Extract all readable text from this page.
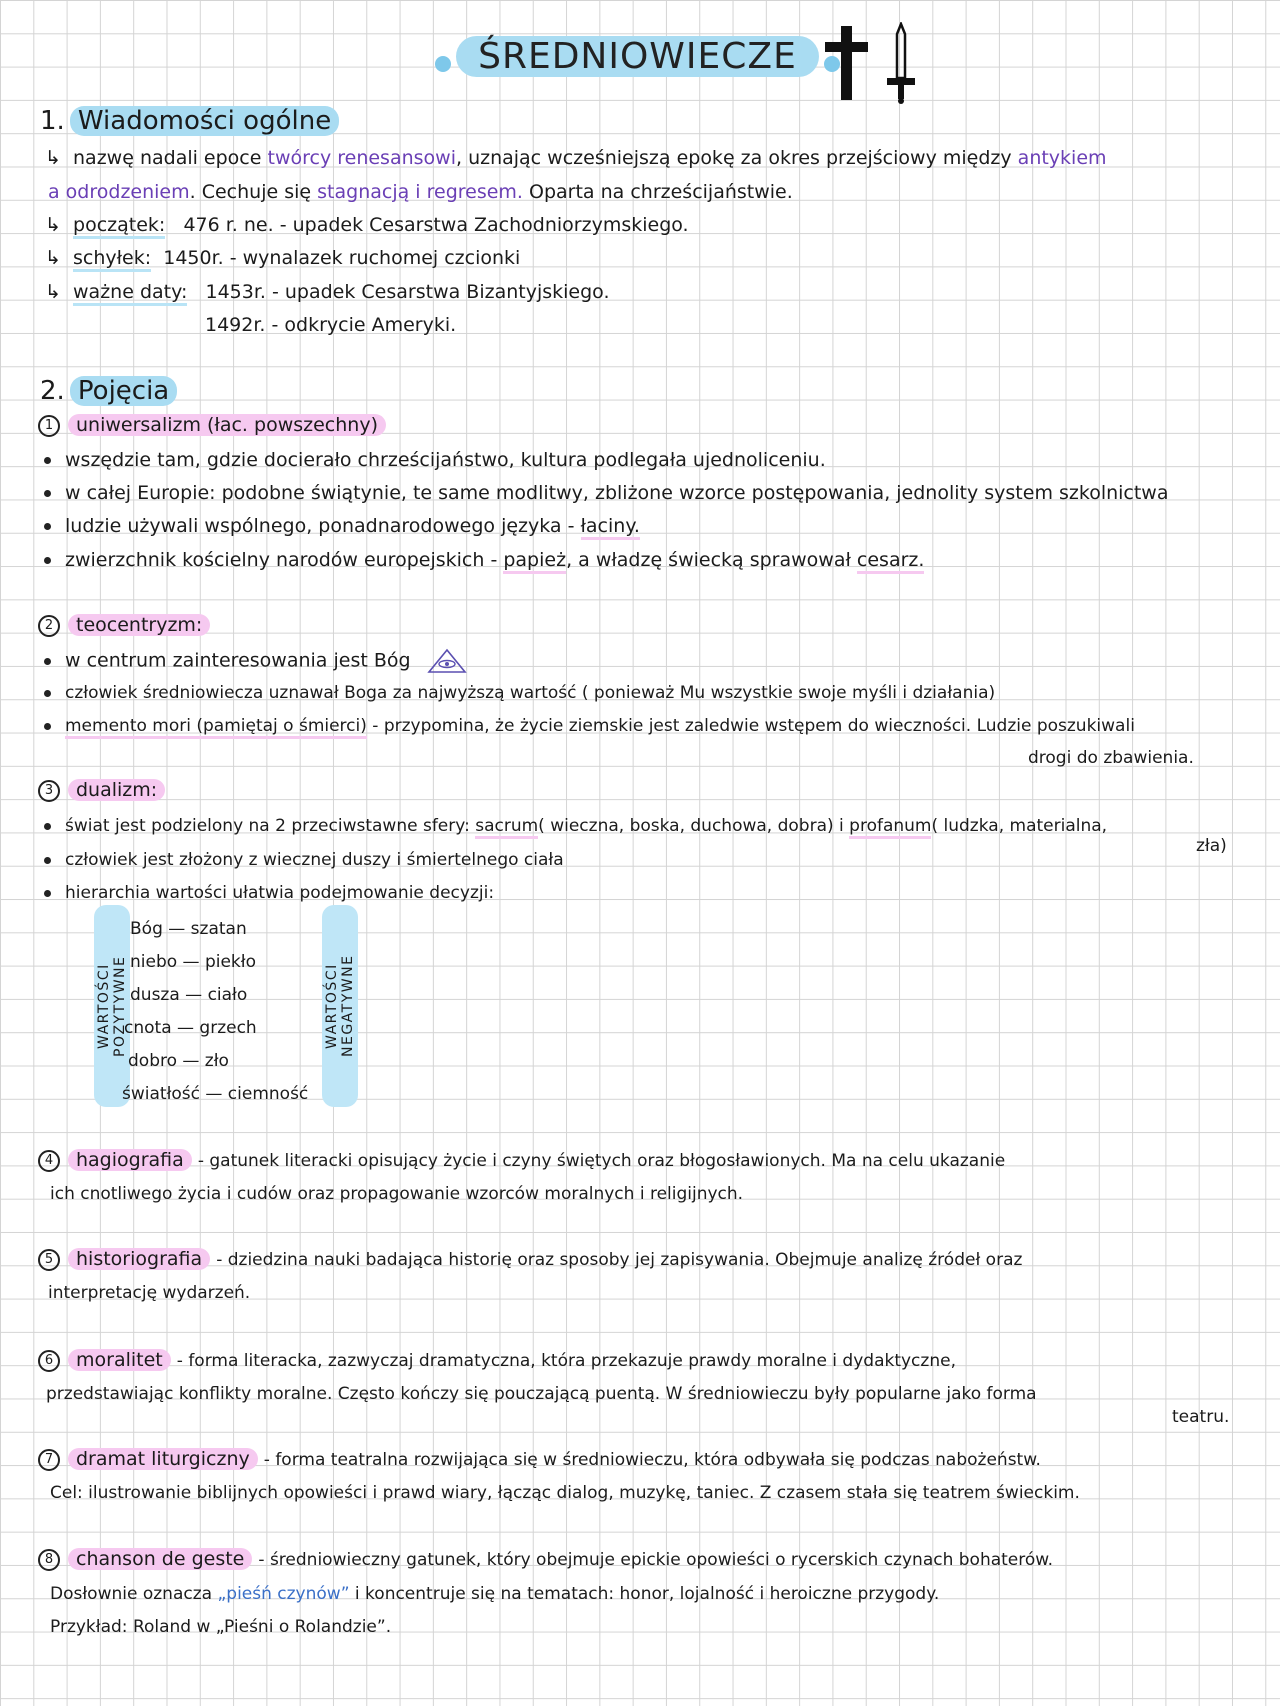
ŚREDNIOWIECZE
1. Wiadomości ogólne
↳  nazwę nadali epoce twórcy renesansowi, uznając wcześniejszą epokę za okres przejściowy między antykiem
a odrodzeniem. Cechuje się stagnacją i regresem. Oparta na chrześcijaństwie.
↳  początek: 476 r. ne. - upadek Cesarstwa Zachodniorzymskiego.
↳  schyłek: 1450r. - wynalazek ruchomej czcionki
↳  ważne daty: 1453r. - upadek Cesarstwa Bizantyjskiego.
1492r. - odkrycie Ameryki.
2. Pojęcia
1 uniwersalizm (łac. powszechny)
wszędzie tam, gdzie docierało chrześcijaństwo, kultura podlegała ujednoliceniu.
w całej Europie: podobne świątynie, te same modlitwy, zbliżone wzorce postępowania, jednolity system szkolnictwa
ludzie używali wspólnego, ponadnarodowego języka - łaciny.
zwierzchnik kościelny narodów europejskich - papież, a władzę świecką sprawował cesarz.
2 teocentryzm:
w centrum zainteresowania jest Bóg
człowiek średniowiecza uznawał Boga za najwyższą wartość ( ponieważ Mu wszystkie swoje myśli i działania)
memento mori (pamiętaj o śmierci) - przypomina, że życie ziemskie jest zaledwie wstępem do wieczności. Ludzie poszukiwali
drogi do zbawienia.
3 dualizm:
świat jest podzielony na 2 przeciwstawne sfery: sacrum( wieczna, boska, duchowa, dobra) i profanum( ludzka, materialna,
zła)
człowiek jest złożony z wiecznej duszy i śmiertelnego ciała
hierarchia wartości ułatwia podejmowanie decyzji:
WARTOŚCI POZYTYWNE	WARTOŚCI NEGATYWNE
Bóg — szatan
niebo — piekło
dusza — ciało
cnota — grzech
dobro — zło
światłość — ciemność
4 hagiografia - gatunek literacki opisujący życie i czyny świętych oraz błogosławionych. Ma na celu ukazanie
ich cnotliwego życia i cudów oraz propagowanie wzorców moralnych i religijnych.
5 historiografia - dziedzina nauki badająca historię oraz sposoby jej zapisywania. Obejmuje analizę źródeł oraz
interpretację wydarzeń.
6 moralitet - forma literacka, zazwyczaj dramatyczna, która przekazuje prawdy moralne i dydaktyczne,
przedstawiając konflikty moralne. Często kończy się pouczającą puentą. W średniowieczu były popularne jako forma
teatru.
7 dramat liturgiczny - forma teatralna rozwijająca się w średniowieczu, która odbywała się podczas nabożeństw.
Cel: ilustrowanie biblijnych opowieści i prawd wiary, łącząc dialog, muzykę, taniec. Z czasem stała się teatrem świeckim.
8 chanson de geste - średniowieczny gatunek, który obejmuje epickie opowieści o rycerskich czynach bohaterów.
Dosłownie oznacza „pieśń czynów” i koncentruje się na tematach: honor, lojalność i heroiczne przygody.
Przykład: Roland w „Pieśni o Rolandzie”.
